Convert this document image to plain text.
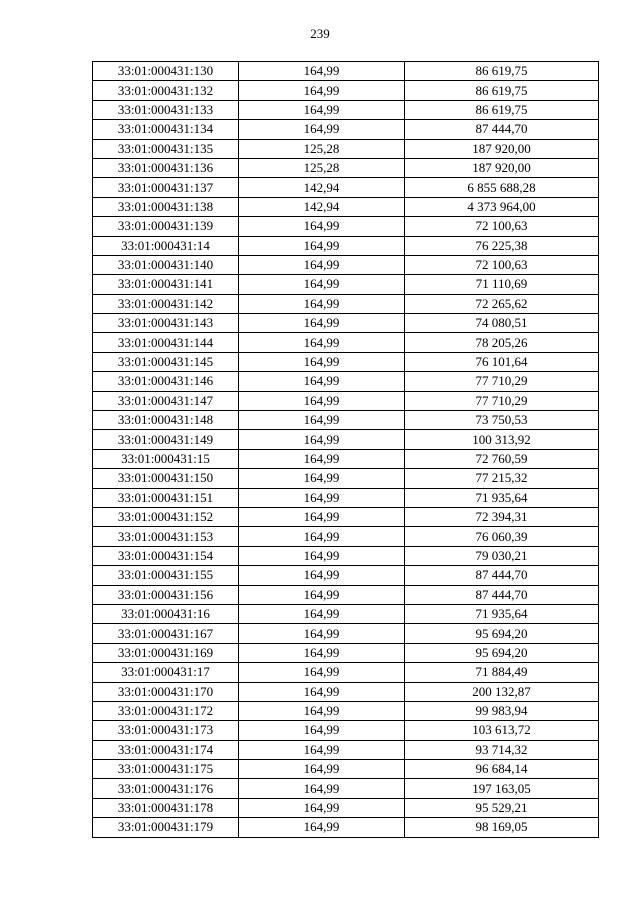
239
33:01:000431:130	164,99	86 619,75
33:01:000431:132	164,99	86 619,75
33:01:000431:133	164,99	86 619,75
33:01:000431:134	164,99	87 444,70
33:01:000431:135	125,28	187 920,00
33:01:000431:136	125,28	187 920,00
33:01:000431:137	142,94	6 855 688,28
33:01:000431:138	142,94	4 373 964,00
33:01:000431:139	164,99	72 100,63
33:01:000431:14	164,99	76 225,38
33:01:000431:140	164,99	72 100,63
33:01:000431:141	164,99	71 110,69
33:01:000431:142	164,99	72 265,62
33:01:000431:143	164,99	74 080,51
33:01:000431:144	164,99	78 205,26
33:01:000431:145	164,99	76 101,64
33:01:000431:146	164,99	77 710,29
33:01:000431:147	164,99	77 710,29
33:01:000431:148	164,99	73 750,53
33:01:000431:149	164,99	100 313,92
33:01:000431:15	164,99	72 760,59
33:01:000431:150	164,99	77 215,32
33:01:000431:151	164,99	71 935,64
33:01:000431:152	164,99	72 394,31
33:01:000431:153	164,99	76 060,39
33:01:000431:154	164,99	79 030,21
33:01:000431:155	164,99	87 444,70
33:01:000431:156	164,99	87 444,70
33:01:000431:16	164,99	71 935,64
33:01:000431:167	164,99	95 694,20
33:01:000431:169	164,99	95 694,20
33:01:000431:17	164,99	71 884,49
33:01:000431:170	164,99	200 132,87
33:01:000431:172	164,99	99 983,94
33:01:000431:173	164,99	103 613,72
33:01:000431:174	164,99	93 714,32
33:01:000431:175	164,99	96 684,14
33:01:000431:176	164,99	197 163,05
33:01:000431:178	164,99	95 529,21
33:01:000431:179	164,99	98 169,05
